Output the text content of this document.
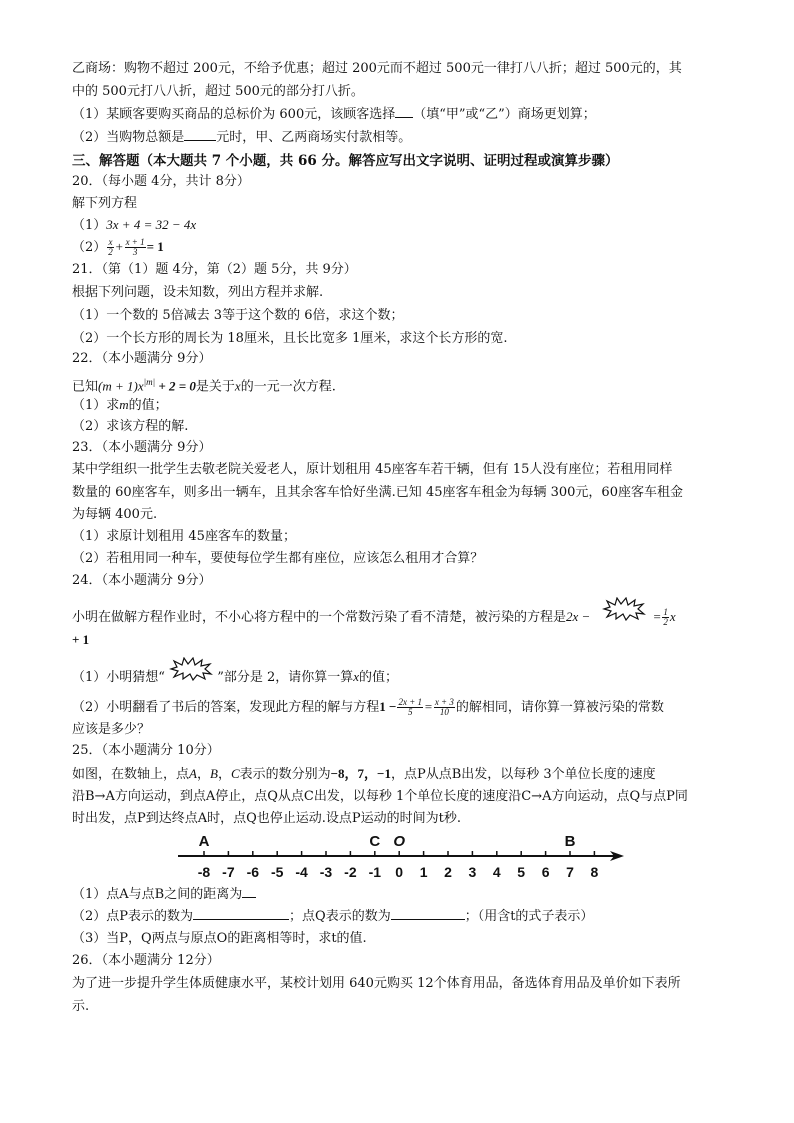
乙商场：购物不超过 200元，不给予优惠；超过 200元而不超过 500元一律打八八折；超过 500元的，其
中的 500元打八八折，超过 500元的部分打八折。
（1）某顾客要购买商品的总标价为 600元，该顾客选择 （填“甲”或“乙”）商场更划算；
（2）当购物总额是 元时，甲、乙两商场实付款相等。
三、解答题（本大题共 7 个小题，共 66 分。解答应写出文字说明、证明过程或演算步骤）
20．（每小题 4分，共计 8分）
解下列方程
（1）3x + 4 = 32 − 4x
$(2) \frac{x}{2} + \frac{x + 1}{3} = 1$
21．（第（1）题 4分，第（2）题 5分，共 9分）
根据下列问题，设未知数，列出方程并求解.
（1）一个数的 5倍减去 3等于这个数的 6倍，求这个数；
（2）一个长方形的周长为 18厘米，且长比宽多 1厘米，求这个长方形的宽.
22．（本小题满分 9分）
已知$(m + 1)x^{|m|} + 2 = 0$是关于x的一元一次方程.
（1）求m的值；
（2）求该方程的解.
23．（本小题满分 9分）
某中学组织一批学生去敬老院关爱老人，原计划租用 45座客车若干辆，但有 15人没有座位；若租用同样
数量的 60座客车，则多出一辆车，且其余客车恰好坐满.已知 45座客车租金为每辆 300元，60座客车租金
为每辆 400元.
（1）求原计划租用 45座客车的数量；
（2）若租用同一种车，要使每位学生都有座位，应该怎么租用才合算？
24．（本小题满分 9分）
小明在做解方程作业时，不小心将方程中的一个常数污染了看不清楚，被污染的方程是2x −	= $\frac{1}{2}$ x
+ 1
（1）小明猜想“	”部分是 2，请你算一算x的值；
（2）小明翻看了书后的答案，发现此方程的解与方程$1 - \frac{2x + 1}{5} = \frac{x + 3}{10}$ 的解相同，请你算一算被污染的常数
应该是多少？
25．（本小题满分 10分）
如图，在数轴上，点A，B，C表示的数分别为−8，7，−1，点P从点B出发，以每秒 3个单位长度的速度
沿B→A方向运动，到点A停止，点Q从点C出发，以每秒 1个单位长度的速度沿C→A方向运动，点Q与点P同
时出发，点P到达终点A时，点Q也停止运动.设点P运动的时间为t秒.
-8 -7 -6 -5 -4 -3 -2 -1 0 1 2 3 4 5 6 7 8
A	C O	B
（1）点A与点B之间的距离为
（2）点P表示的数为	；点Q表示的数为	；（用含t的式子表示）
（3）当P，Q两点与原点O的距离相等时，求t的值.
26．（本小题满分 12分）
为了进一步提升学生体质健康水平，某校计划用 640元购买 12个体育用品，备选体育用品及单价如下表所
示.
